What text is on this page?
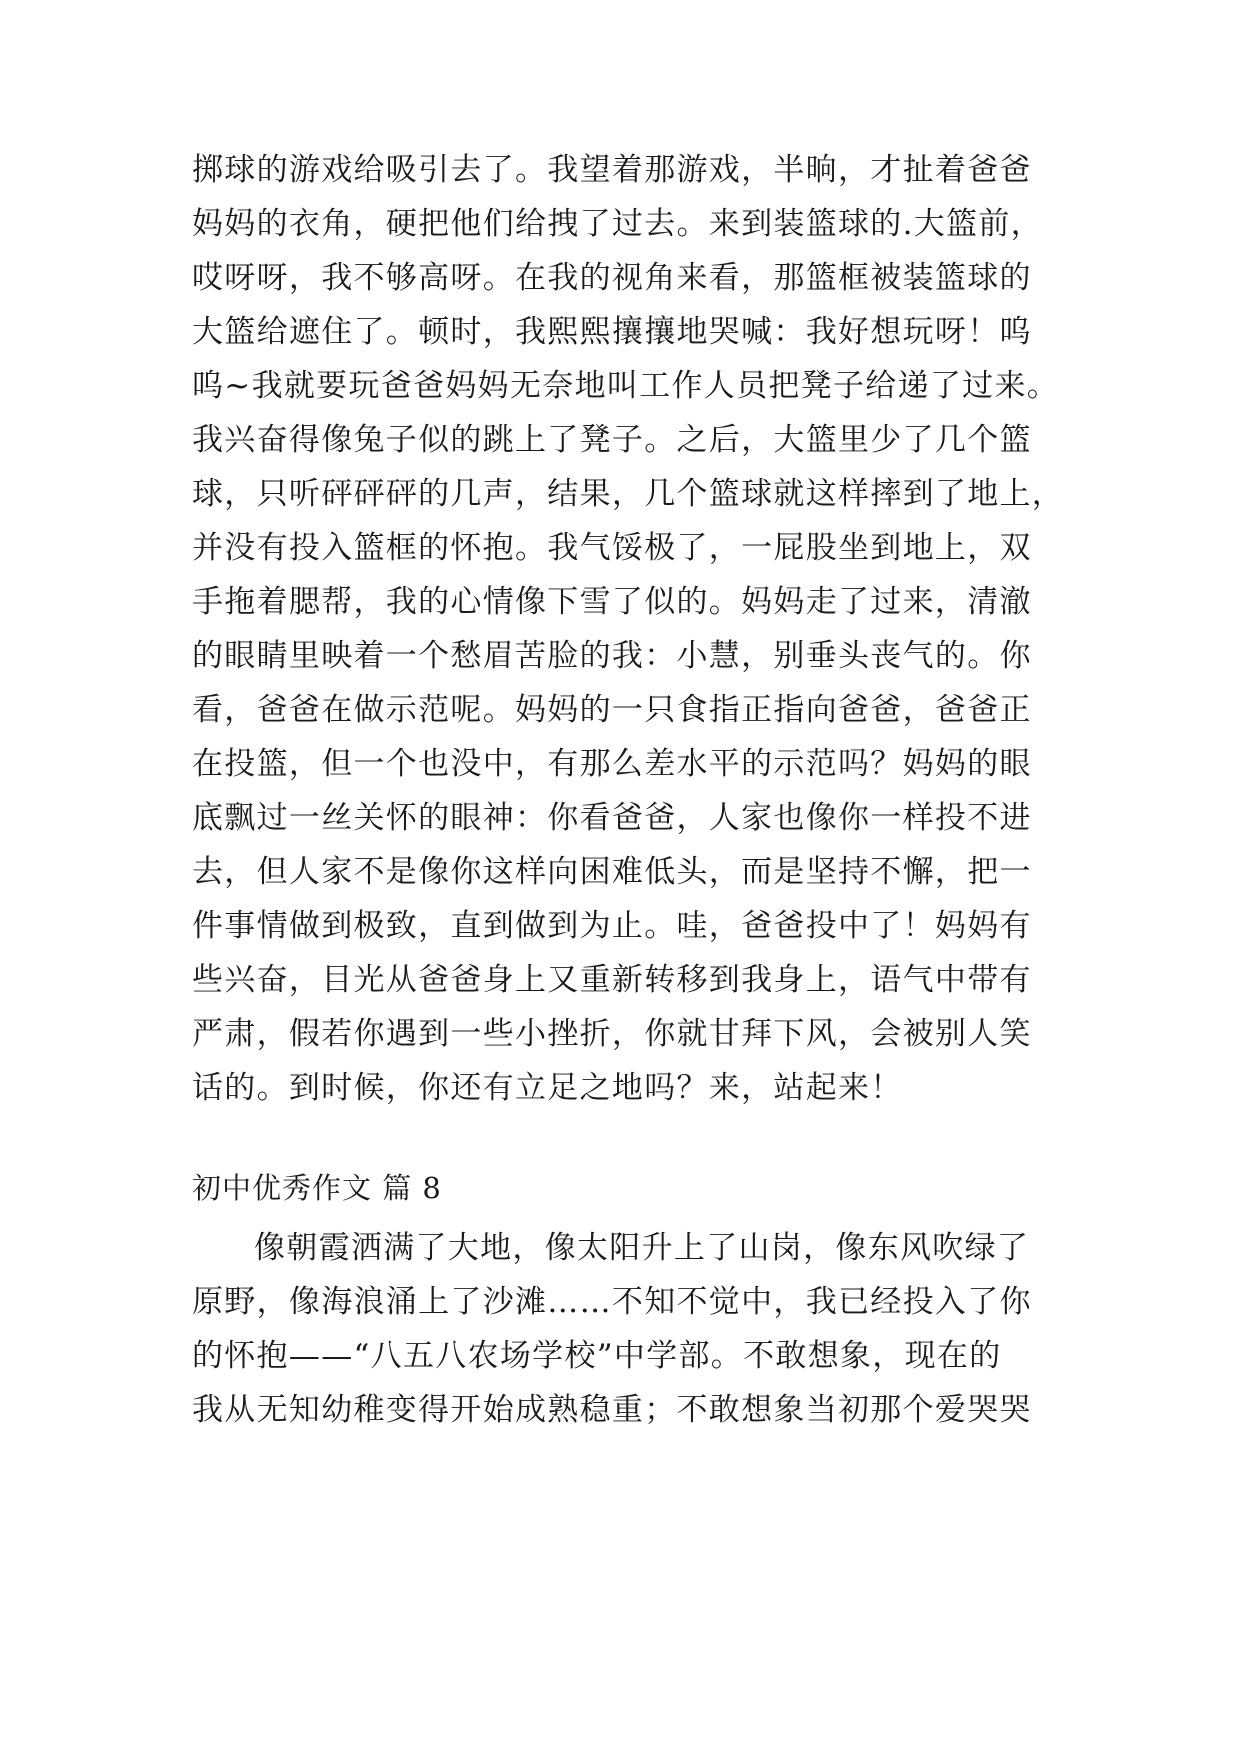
掷球的游戏给吸引去了。我望着那游戏，半晌，才扯着爸爸
妈妈的衣角，硬把他们给拽了过去。来到装篮球的.大篮前，
哎呀呀，我不够高呀。在我的视角来看，那篮框被装篮球的
大篮给遮住了。顿时，我熙熙攘攘地哭喊：我好想玩呀！呜
呜~我就要玩爸爸妈妈无奈地叫工作人员把凳子给递了过来。
我兴奋得像兔子似的跳上了凳子。之后，大篮里少了几个篮
球，只听砰砰砰的几声，结果，几个篮球就这样摔到了地上，
并没有投入篮框的怀抱。我气馁极了，一屁股坐到地上，双
手拖着腮帮，我的心情像下雪了似的。妈妈走了过来，清澈
的眼睛里映着一个愁眉苦脸的我：小慧，别垂头丧气的。你
看，爸爸在做示范呢。妈妈的一只食指正指向爸爸，爸爸正
在投篮，但一个也没中，有那么差水平的示范吗？妈妈的眼
底飘过一丝关怀的眼神：你看爸爸，人家也像你一样投不进
去，但人家不是像你这样向困难低头，而是坚持不懈，把一
件事情做到极致，直到做到为止。哇，爸爸投中了！妈妈有
些兴奋，目光从爸爸身上又重新转移到我身上，语气中带有
严肃，假若你遇到一些小挫折，你就甘拜下风，会被别人笑
话的。到时候，你还有立足之地吗？来，站起来！
初中优秀作文 篇 8
像朝霞洒满了大地，像太阳升上了山岗，像东风吹绿了
原野，像海浪涌上了沙滩……不知不觉中，我已经投入了你
的怀抱——“八五八农场学校”中学部。不敢想象，现在的
我从无知幼稚变得开始成熟稳重；不敢想象当初那个爱哭哭
